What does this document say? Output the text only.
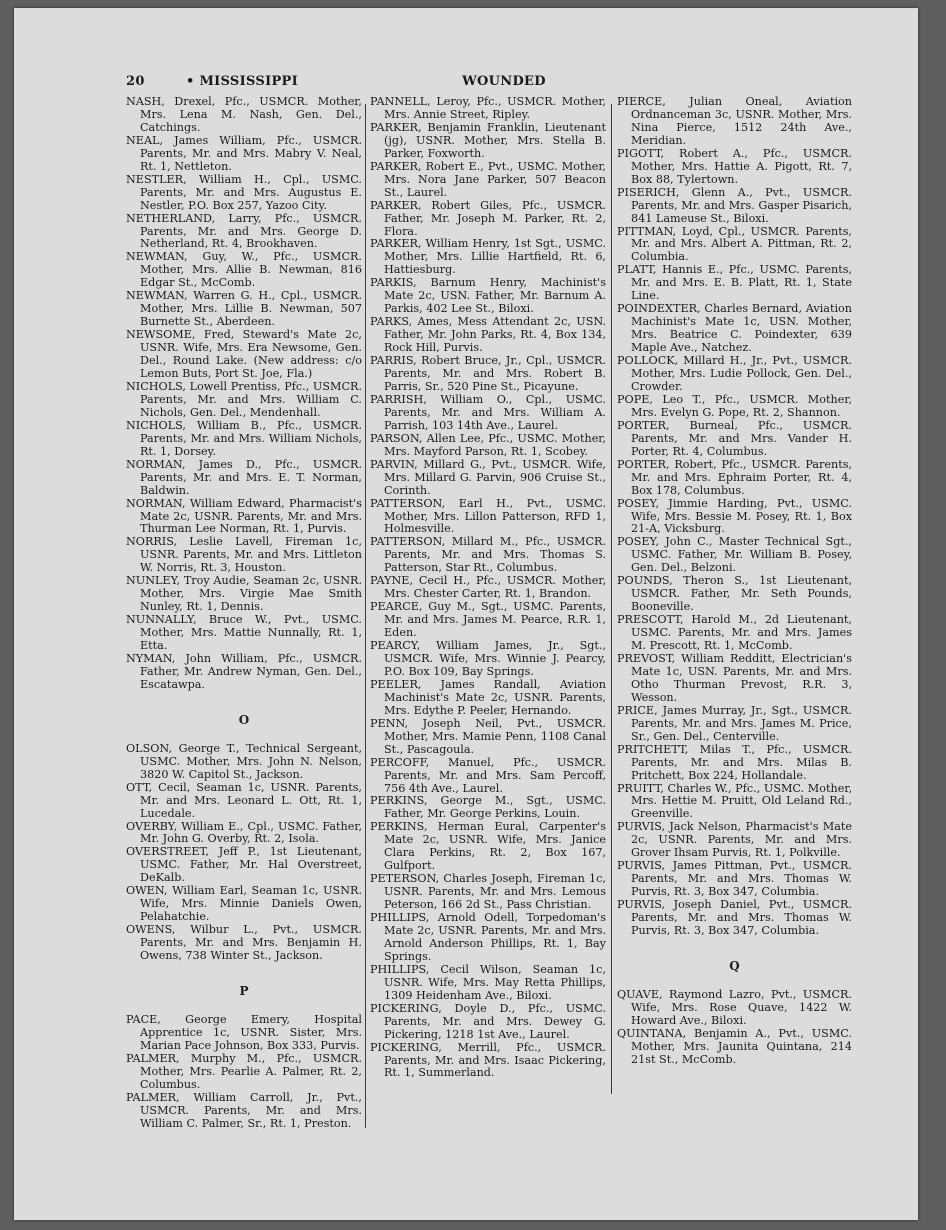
20	• MISSISSIPPI	WOUNDED

NASH, Drexel, Pfc., USMCR. Mother, Mrs. Lena M. Nash, Gen. Del., Catchings.

NEAL, James William, Pfc., USMCR. Parents, Mr. and Mrs. Mabry V. Neal, Rt. 1, Nettleton.

NESTLER, William H., Cpl., USMC. Parents, Mr. and Mrs. Augustus E. Nestler, P.O. Box 257, Yazoo City.

NETHERLAND, Larry, Pfc., USMCR. Parents, Mr. and Mrs. George D. Netherland, Rt. 4, Brookhaven.

NEWMAN, Guy, W., Pfc., USMCR. Mother, Mrs. Allie B. Newman, 816 Edgar St., McComb.

NEWMAN, Warren G. H., Cpl., USMCR. Mother, Mrs. Lillie B. Newman, 507 Burnette St., Aberdeen.

NEWSOME, Fred, Steward's Mate 2c, USNR. Wife, Mrs. Era Newsome, Gen. Del., Round Lake. (New address: c/o Lemon Buts, Port St. Joe, Fla.)

NICHOLS, Lowell Prentiss, Pfc., USMCR. Parents, Mr. and Mrs. William C. Nichols, Gen. Del., Mendenhall.

NICHOLS, William B., Pfc., USMCR. Parents, Mr. and Mrs. William Nichols, Rt. 1, Dorsey.

NORMAN, James D., Pfc., USMCR. Parents, Mr. and Mrs. E. T. Norman, Baldwin.

NORMAN, William Edward, Pharmacist's Mate 2c, USNR. Parents, Mr. and Mrs. Thurman Lee Norman, Rt. 1, Purvis.

NORRIS, Leslie Lavell, Fireman 1c, USNR. Parents, Mr. and Mrs. Littleton W. Norris, Rt. 3, Houston.

NUNLEY, Troy Audie, Seaman 2c, USNR. Mother, Mrs. Virgie Mae Smith Nunley, Rt. 1, Dennis.

NUNNALLY, Bruce W., Pvt., USMC. Mother, Mrs. Mattie Nunnally, Rt. 1, Etta.

NYMAN, John William, Pfc., USMCR. Father, Mr. Andrew Nyman, Gen. Del., Escatawpa.

O

OLSON, George T., Technical Sergeant, USMC. Mother, Mrs. John N. Nelson, 3820 W. Capitol St., Jackson.

OTT, Cecil, Seaman 1c, USNR. Parents, Mr. and Mrs. Leonard L. Ott, Rt. 1, Lucedale.

OVERBY, William E., Cpl., USMC. Father, Mr. John G. Overby, Rt. 2, Isola.

OVERSTREET, Jeff P., 1st Lieutenant, USMC. Father, Mr. Hal Overstreet, DeKalb.

OWEN, William Earl, Seaman 1c, USNR. Wife, Mrs. Minnie Daniels Owen, Pelahatchie.

OWENS, Wilbur L., Pvt., USMCR. Parents, Mr. and Mrs. Benjamin H. Owens, 738 Winter St., Jackson.

P

PACE, George Emery, Hospital Apprentice 1c, USNR. Sister, Mrs. Marian Pace Johnson, Box 333, Purvis.

PALMER, Murphy M., Pfc., USMCR. Mother, Mrs. Pearlie A. Palmer, Rt. 2, Columbus.

PALMER, William Carroll, Jr., Pvt., USMCR. Parents, Mr. and Mrs. William C. Palmer, Sr., Rt. 1, Preston.

PANNELL, Leroy, Pfc., USMCR. Mother, Mrs. Annie Street, Ripley.

PARKER, Benjamin Franklin, Lieutenant (jg), USNR. Mother, Mrs. Stella B. Parker, Foxworth.

PARKER, Robert E., Pvt., USMC. Mother, Mrs. Nora Jane Parker, 507 Beacon St., Laurel.

PARKER, Robert Giles, Pfc., USMCR. Father, Mr. Joseph M. Parker, Rt. 2, Flora.

PARKER, William Henry, 1st Sgt., USMC. Mother, Mrs. Lillie Hartfield, Rt. 6, Hattiesburg.

PARKIS, Barnum Henry, Machinist's Mate 2c, USN. Father, Mr. Barnum A. Parkis, 402 Lee St., Biloxi.

PARKS, Ames, Mess Attendant 2c, USN. Father, Mr. John Parks, Rt. 4, Box 134, Rock Hill, Purvis.

PARRIS, Robert Bruce, Jr., Cpl., USMCR. Parents, Mr. and Mrs. Robert B. Parris, Sr., 520 Pine St., Picayune.

PARRISH, William O., Cpl., USMC. Parents, Mr. and Mrs. William A. Parrish, 103 14th Ave., Laurel.

PARSON, Allen Lee, Pfc., USMC. Mother, Mrs. Mayford Parson, Rt. 1, Scobey.

PARVIN, Millard G., Pvt., USMCR. Wife, Mrs. Millard G. Parvin, 906 Cruise St., Corinth.

PATTERSON, Earl H., Pvt., USMC. Mother, Mrs. Lillon Patterson, RFD 1, Holmesville.

PATTERSON, Millard M., Pfc., USMCR. Parents, Mr. and Mrs. Thomas S. Patterson, Star Rt., Columbus.

PAYNE, Cecil H., Pfc., USMCR. Mother, Mrs. Chester Carter, Rt. 1, Brandon.

PEARCE, Guy M., Sgt., USMC. Parents, Mr. and Mrs. James M. Pearce, R.R. 1, Eden.

PEARCY, William James, Jr., Sgt., USMCR. Wife, Mrs. Winnie J. Pearcy, P.O. Box 109, Bay Springs.

PEELER, James Randall, Aviation Machinist's Mate 2c, USNR. Parents, Mrs. Edythe P. Peeler, Hernando.

PENN, Joseph Neil, Pvt., USMCR. Mother, Mrs. Mamie Penn, 1108 Canal St., Pascagoula.

PERCOFF, Manuel, Pfc., USMCR. Parents, Mr. and Mrs. Sam Percoff, 756 4th Ave., Laurel.

PERKINS, George M., Sgt., USMC. Father, Mr. George Perkins, Louin.

PERKINS, Herman Eural, Carpenter's Mate 2c, USNR. Wife, Mrs. Janice Clara Perkins, Rt. 2, Box 167, Gulfport.

PETERSON, Charles Joseph, Fireman 1c, USNR. Parents, Mr. and Mrs. Lemous Peterson, 166 2d St., Pass Christian.

PHILLIPS, Arnold Odell, Torpedoman's Mate 2c, USNR. Parents, Mr. and Mrs. Arnold Anderson Phillips, Rt. 1, Bay Springs.

PHILLIPS, Cecil Wilson, Seaman 1c, USNR. Wife, Mrs. May Retta Phillips, 1309 Heidenham Ave., Biloxi.

PICKERING, Doyle D., Pfc., USMC. Parents, Mr. and Mrs. Dewey G. Pickering, 1218 1st Ave., Laurel.

PICKERING, Merrill, Pfc., USMCR. Parents, Mr. and Mrs. Isaac Pickering, Rt. 1, Summerland.

PIERCE, Julian Oneal, Aviation Ordnanceman 3c, USNR. Mother, Mrs. Nina Pierce, 1512 24th Ave., Meridian.

PIGOTT, Robert A., Pfc., USMCR. Mother, Mrs. Hattie A. Pigott, Rt. 7, Box 88, Tylertown.

PISERICH, Glenn A., Pvt., USMCR. Parents, Mr. and Mrs. Gasper Pisarich, 841 Lameuse St., Biloxi.

PITTMAN, Loyd, Cpl., USMCR. Parents, Mr. and Mrs. Albert A. Pittman, Rt. 2, Columbia.

PLATT, Hannis E., Pfc., USMC. Parents, Mr. and Mrs. E. B. Platt, Rt. 1, State Line.

POINDEXTER, Charles Bernard, Aviation Machinist's Mate 1c, USN. Mother, Mrs. Beatrice C. Poindexter, 639 Maple Ave., Natchez.

POLLOCK, Millard H., Jr., Pvt., USMCR. Mother, Mrs. Ludie Pollock, Gen. Del., Crowder.

POPE, Leo T., Pfc., USMCR. Mother, Mrs. Evelyn G. Pope, Rt. 2, Shannon.

PORTER, Burneal, Pfc., USMCR. Parents, Mr. and Mrs. Vander H. Porter, Rt. 4, Columbus.

PORTER, Robert, Pfc., USMCR. Parents, Mr. and Mrs. Ephraim Porter, Rt. 4, Box 178, Columbus.

POSEY, Jimmie Harding, Pvt., USMC. Wife, Mrs. Bessie M. Posey, Rt. 1, Box 21-A, Vicksburg.

POSEY, John C., Master Technical Sgt., USMC. Father, Mr. William B. Posey, Gen. Del., Belzoni.

POUNDS, Theron S., 1st Lieutenant, USMCR. Father, Mr. Seth Pounds, Booneville.

PRESCOTT, Harold M., 2d Lieutenant, USMC. Parents, Mr. and Mrs. James M. Prescott, Rt. 1, McComb.

PREVOST, William Redditt, Electrician's Mate 1c, USN. Parents, Mr. and Mrs. Otho Thurman Prevost, R.R. 3, Wesson.

PRICE, James Murray, Jr., Sgt., USMCR. Parents, Mr. and Mrs. James M. Price, Sr., Gen. Del., Centerville.

PRITCHETT, Milas T., Pfc., USMCR. Parents, Mr. and Mrs. Milas B. Pritchett, Box 224, Hollandale.

PRUITT, Charles W., Pfc., USMC. Mother, Mrs. Hettie M. Pruitt, Old Leland Rd., Greenville.

PURVIS, Jack Nelson, Pharmacist's Mate 2c, USNR. Parents, Mr. and Mrs. Grover Ihsam Purvis, Rt. 1, Polkville.

PURVIS, James Pittman, Pvt., USMCR. Parents, Mr. and Mrs. Thomas W. Purvis, Rt. 3, Box 347, Columbia.

PURVIS, Joseph Daniel, Pvt., USMCR. Parents, Mr. and Mrs. Thomas W. Purvis, Rt. 3, Box 347, Columbia.

Q

QUAVE, Raymond Lazro, Pvt., USMCR. Wife, Mrs. Rose Quave, 1422 W. Howard Ave., Biloxi.

QUINTANA, Benjamin A., Pvt., USMC. Mother, Mrs. Jaunita Quintana, 214 21st St., McComb.
